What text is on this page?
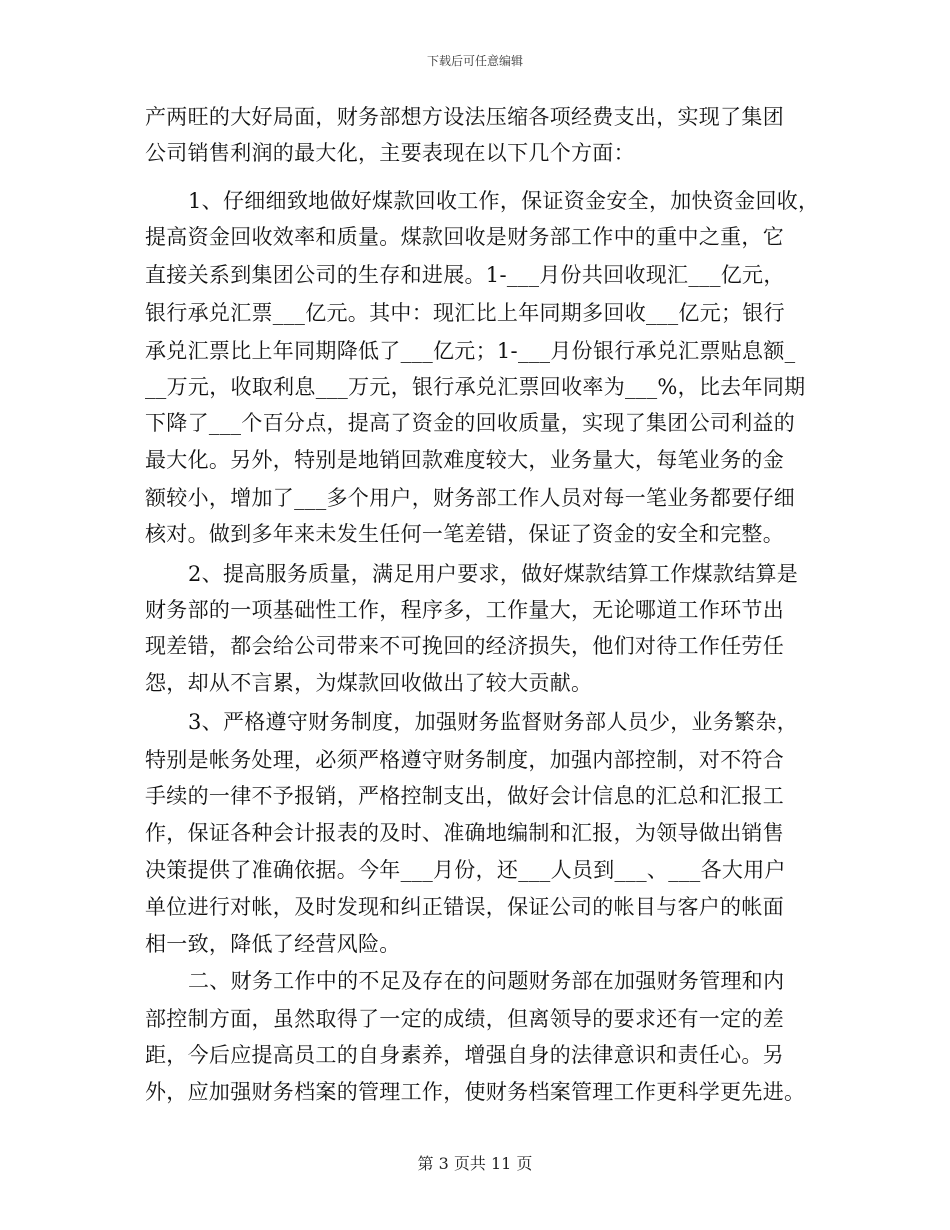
下载后可任意编辑
产两旺的大好局面，财务部想方设法压缩各项经费支出，实现了集团
公司销售利润的最大化，主要表现在以下几个方面：
1、仔细细致地做好煤款回收工作，保证资金安全，加快资金回收，
提高资金回收效率和质量。煤款回收是财务部工作中的重中之重，它
直接关系到集团公司的生存和进展。1-___月份共回收现汇___亿元，
银行承兑汇票___亿元。其中：现汇比上年同期多回收___亿元；银行
承兑汇票比上年同期降低了___亿元；1-___月份银行承兑汇票贴息额_
__万元，收取利息___万元，银行承兑汇票回收率为___%，比去年同期
下降了___个百分点，提高了资金的回收质量，实现了集团公司利益的
最大化。另外，特别是地销回款难度较大，业务量大，每笔业务的金
额较小，增加了___多个用户，财务部工作人员对每一笔业务都要仔细
核对。做到多年来未发生任何一笔差错，保证了资金的安全和完整。
2、提高服务质量，满足用户要求，做好煤款结算工作煤款结算是
财务部的一项基础性工作，程序多，工作量大，无论哪道工作环节出
现差错，都会给公司带来不可挽回的经济损失，他们对待工作任劳任
怨，却从不言累，为煤款回收做出了较大贡献。
3、严格遵守财务制度，加强财务监督财务部人员少，业务繁杂，
特别是帐务处理，必须严格遵守财务制度，加强内部控制，对不符合
手续的一律不予报销，严格控制支出，做好会计信息的汇总和汇报工
作，保证各种会计报表的及时、准确地编制和汇报，为领导做出销售
决策提供了准确依据。今年___月份，还___人员到___、___各大用户
单位进行对帐，及时发现和纠正错误，保证公司的帐目与客户的帐面
相一致，降低了经营风险。
二、财务工作中的不足及存在的问题财务部在加强财务管理和内
部控制方面，虽然取得了一定的成绩，但离领导的要求还有一定的差
距，今后应提高员工的自身素养，增强自身的法律意识和责任心。另
外，应加强财务档案的管理工作，使财务档案管理工作更科学更先进。
第 3 页共 11 页
